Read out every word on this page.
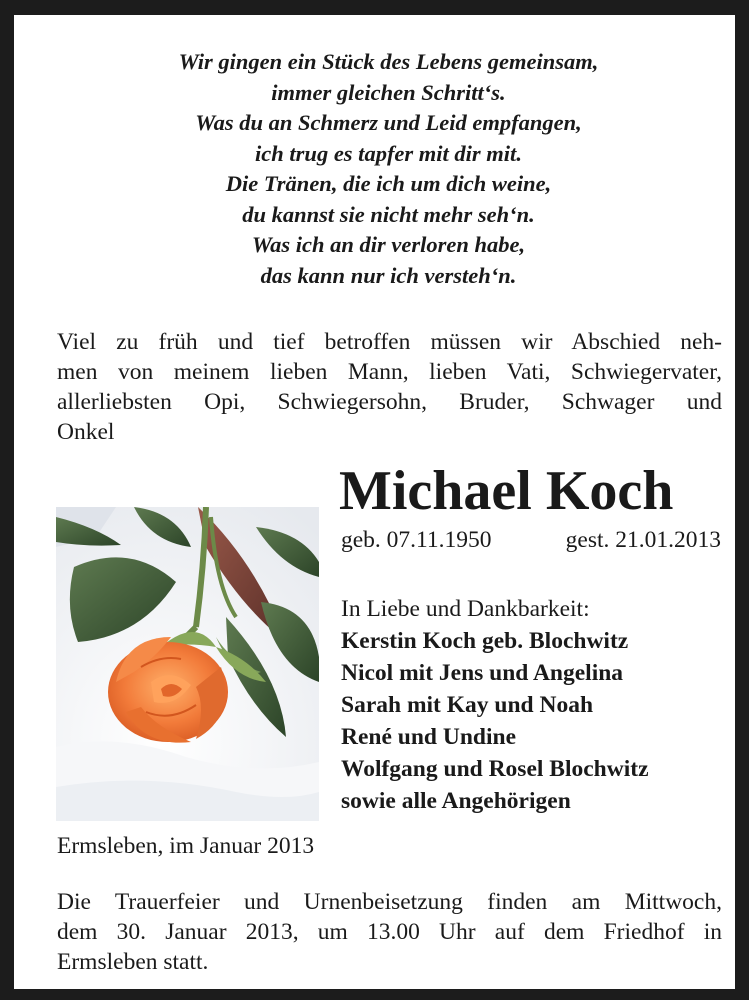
Wir gingen ein Stück des Lebens gemeinsam,
immer gleichen Schritt‘s.
Was du an Schmerz und Leid empfangen,
ich trug es tapfer mit dir mit.
Die Tränen, die ich um dich weine,
du kannst sie nicht mehr seh‘n.
Was ich an dir verloren habe,
das kann nur ich versteh‘n.
Viel zu früh und tief betroffen müssen wir Abschied neh-
men von meinem lieben Mann, lieben Vati, Schwiegervater,
allerliebsten Opi, Schwiegersohn, Bruder, Schwager und
Onkel
Michael Koch
geb. 07.11.1950	gest. 21.01.2013
In Liebe und Dankbarkeit:
Kerstin Koch geb. Blochwitz
Nicol mit Jens und Angelina
Sarah mit Kay und Noah
René und Undine
Wolfgang und Rosel Blochwitz
sowie alle Angehörigen
Ermsleben, im Januar 2013
Die Trauerfeier und Urnenbeisetzung finden am Mittwoch,
dem 30. Januar 2013, um 13.00 Uhr auf dem Friedhof in
Ermsleben statt.
